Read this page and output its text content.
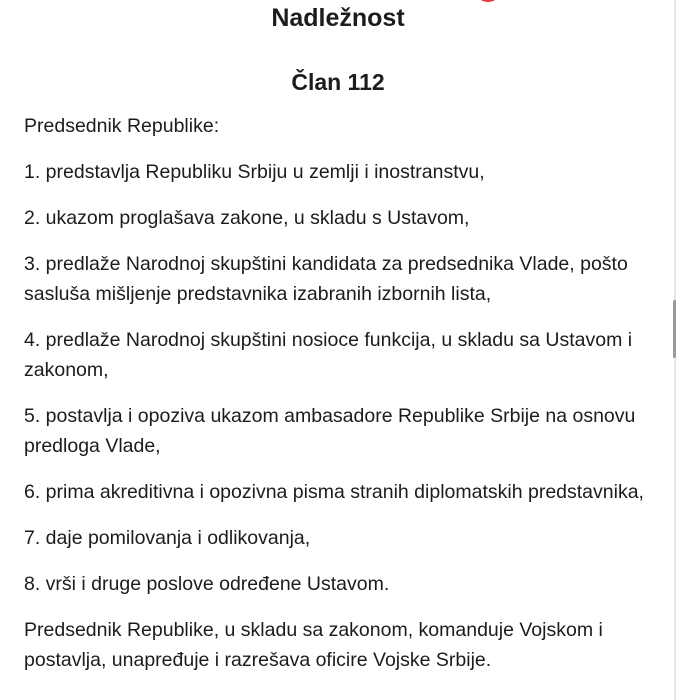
Nadležnost
Član 112

Predsednik Republike:

1. predstavlja Republiku Srbiju u zemlji i inostranstvu,

2. ukazom proglašava zakone, u skladu s Ustavom,

3. predlaže Narodnoj skupštini kandidata za predsednika Vlade, pošto sasluša mišljenje predstavnika izabranih izbornih lista,

4. predlaže Narodnoj skupštini nosioce funkcija, u skladu sa Ustavom i zakonom,

5. postavlja i opoziva ukazom ambasadore Republike Srbije na osnovu predloga Vlade,

6. prima akreditivna i opozivna pisma stranih diplomatskih predstavnika,

7. daje pomilovanja i odlikovanja,

8. vrši i druge poslove određene Ustavom.

Predsednik Republike, u skladu sa zakonom, komanduje Vojskom i postavlja, unapređuje i razrešava oficire Vojske Srbije.
